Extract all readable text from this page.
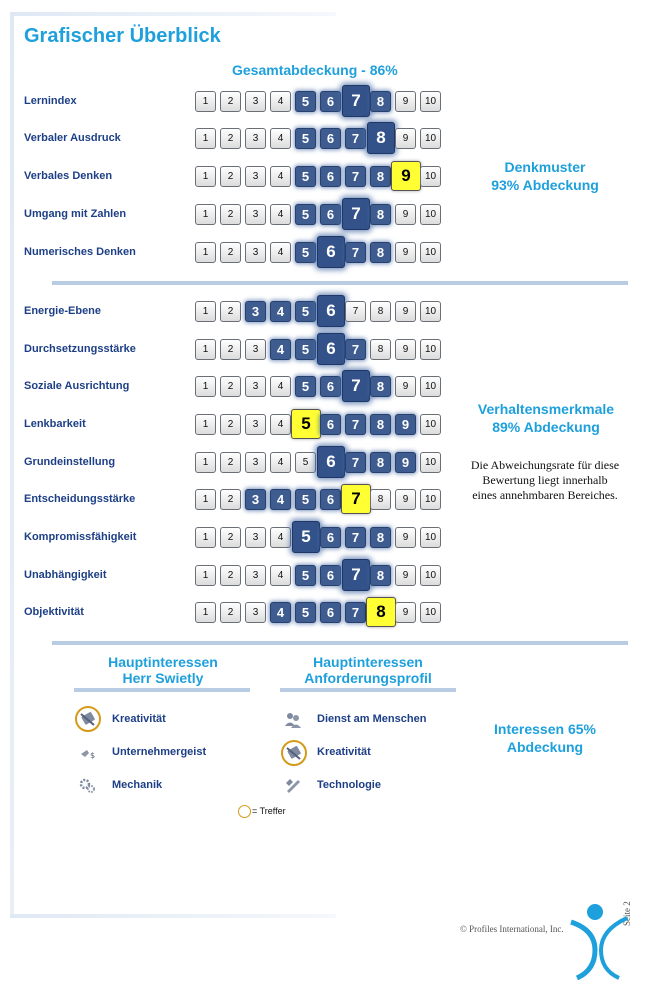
Grafischer Überblick
Gesamtabdeckung - 86%
Lernindex	1	2	3	4	5	6	7	8	9	10
Verbaler Ausdruck	1	2	3	4	5	6	7	8	9	10
Verbales Denken	1	2	3	4	5	6	7	8	9	10
Umgang mit Zahlen	1	2	3	4	5	6	7	8	9	10
Numerisches Denken	1	2	3	4	5	6	7	8	9	10
Energie-Ebene	1	2	3	4	5	6	7	8	9	10
Durchsetzungsstärke	1	2	3	4	5	6	7	8	9	10
Soziale Ausrichtung	1	2	3	4	5	6	7	8	9	10
Lenkbarkeit	1	2	3	4	5	6	7	8	9	10
Grundeinstellung	1	2	3	4	5	6	7	8	9	10
Entscheidungsstärke	1	2	3	4	5	6	7	8	9	10
Kompromissfähigkeit	1	2	3	4	5	6	7	8	9	10
Unabhängigkeit	1	2	3	4	5	6	7	8	9	10
Objektivität	1	2	3	4	5	6	7	8	9	10
Denkmuster
93% Abdeckung
Verhaltensmerkmale
89% Abdeckung
Die Abweichungsrate für diese Bewertung liegt innerhalb eines annehmbaren Bereiches.
Hauptinteressen
Herr Swietly
Hauptinteressen
Anforderungsprofil
Kreativität
$ Unternehmergeist
Mechanik
Dienst am Menschen
Kreativität
Technologie
= Treffer
Interessen 65%
Abdeckung
© Profiles International, Inc.
Seite 2
